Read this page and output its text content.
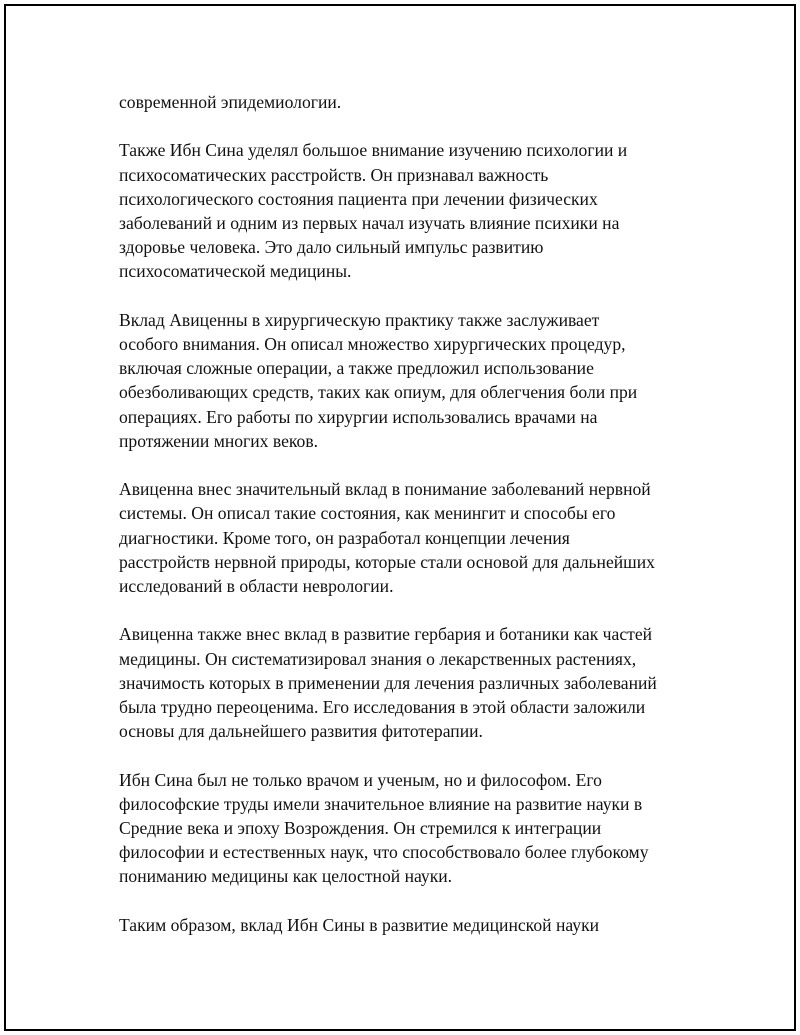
современной эпидемиологии.
Также Ибн Сина уделял большое внимание изучению психологии и
психосоматических расстройств. Он признавал важность
психологического состояния пациента при лечении физических
заболеваний и одним из первых начал изучать влияние психики на
здоровье человека. Это дало сильный импульс развитию
психосоматической медицины.
Вклад Авиценны в хирургическую практику также заслуживает
особого внимания. Он описал множество хирургических процедур,
включая сложные операции, а также предложил использование
обезболивающих средств, таких как опиум, для облегчения боли при
операциях. Его работы по хирургии использовались врачами на
протяжении многих веков.
Авиценна внес значительный вклад в понимание заболеваний нервной
системы. Он описал такие состояния, как менингит и способы его
диагностики. Кроме того, он разработал концепции лечения
расстройств нервной природы, которые стали основой для дальнейших
исследований в области неврологии.
Авиценна также внес вклад в развитие гербария и ботаники как частей
медицины. Он систематизировал знания о лекарственных растениях,
значимость которых в применении для лечения различных заболеваний
была трудно переоценима. Его исследования в этой области заложили
основы для дальнейшего развития фитотерапии.
Ибн Сина был не только врачом и ученым, но и философом. Его
философские труды имели значительное влияние на развитие науки в
Средние века и эпоху Возрождения. Он стремился к интеграции
философии и естественных наук, что способствовало более глубокому
пониманию медицины как целостной науки.
Таким образом, вклад Ибн Сины в развитие медицинской науки
